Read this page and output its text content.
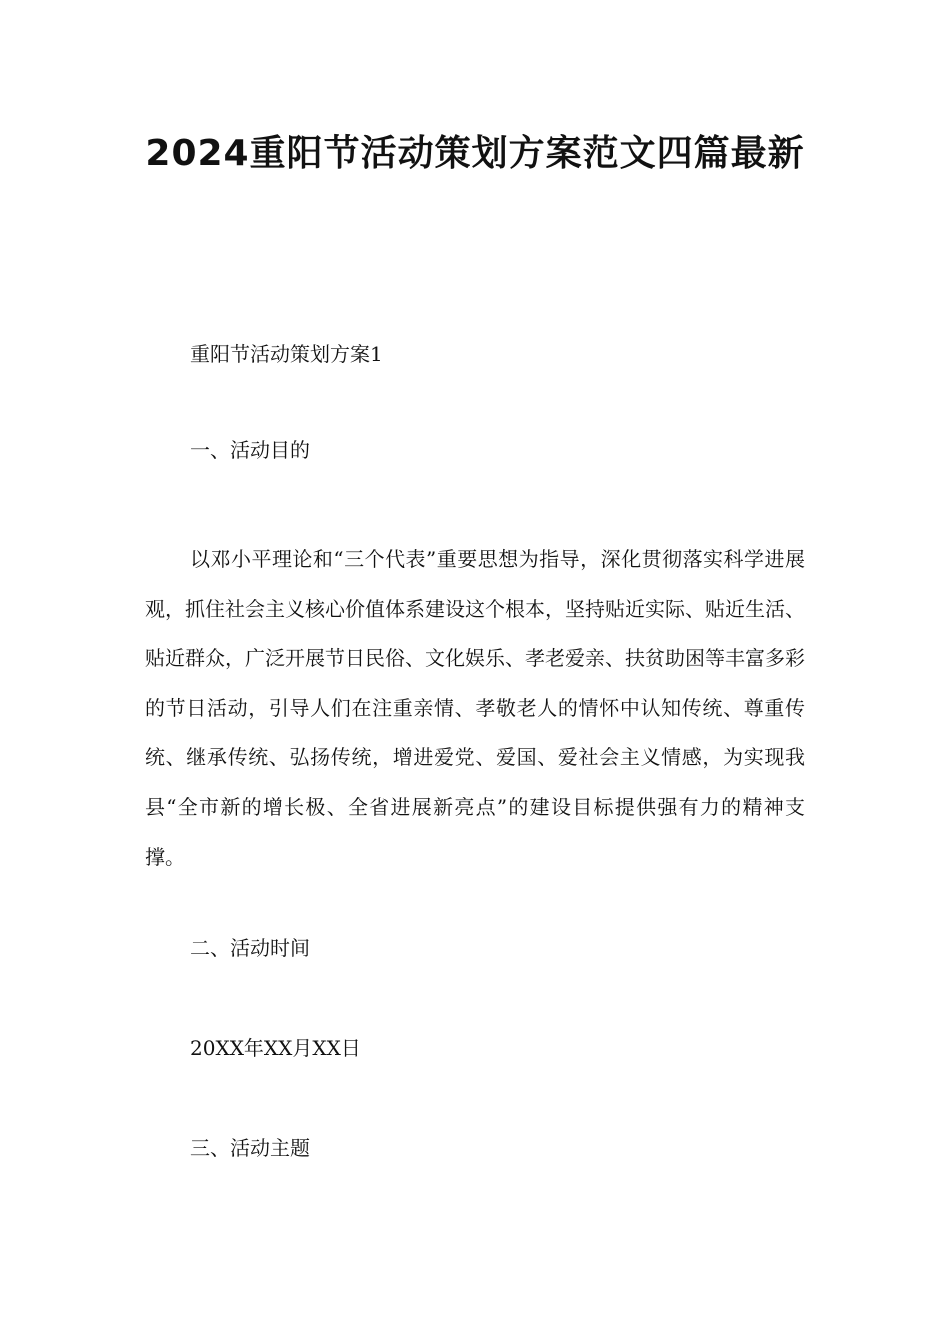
2024重阳节活动策划方案范文四篇最新

重阳节活动策划方案1

一、活动目的

以邓小平理论和“三个代表”重要思想为指导，深化贯彻落实科学进展观，抓住社会主义核心价值体系建设这个根本，坚持贴近实际、贴近生活、贴近群众，广泛开展节日民俗、文化娱乐、孝老爱亲、扶贫助困等丰富多彩的节日活动，引导人们在注重亲情、孝敬老人的情怀中认知传统、尊重传统、继承传统、弘扬传统，增进爱党、爱国、爱社会主义情感，为实现我县“全市新的增长极、全省进展新亮点”的建设目标提供强有力的精神支撑。

二、活动时间

20XX年XX月XX日

三、活动主题
